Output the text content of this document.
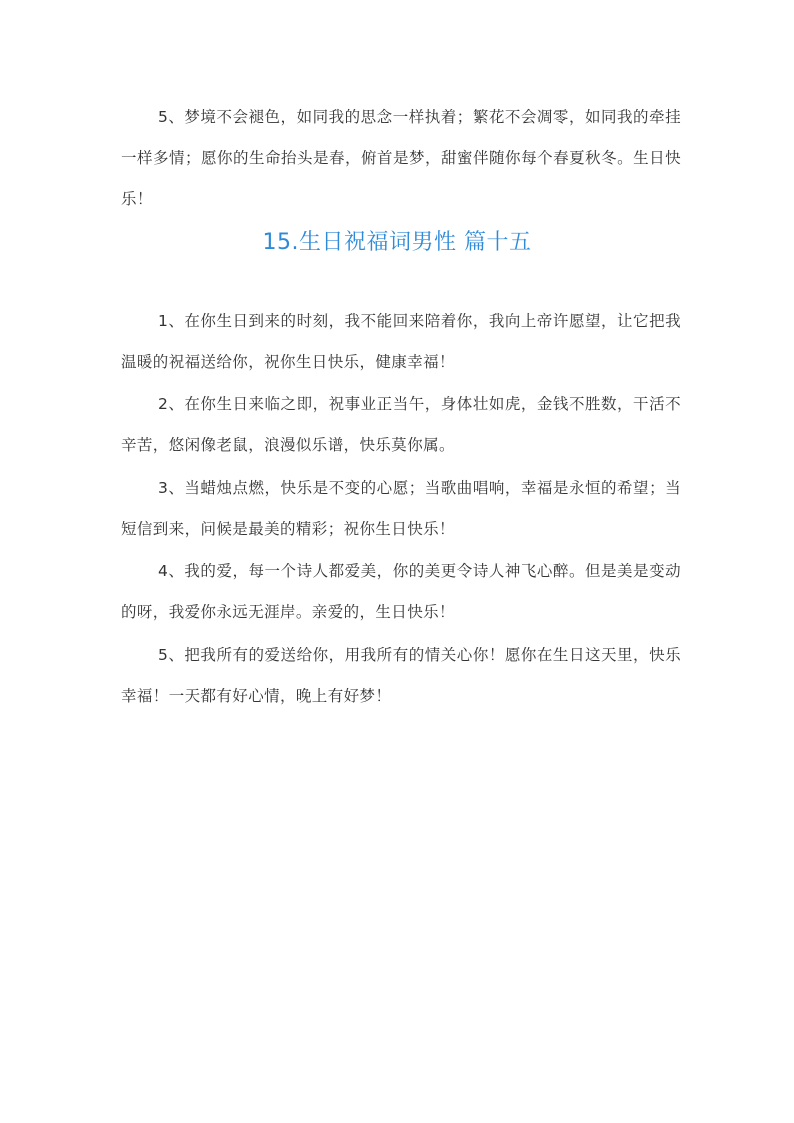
5、梦境不会褪色，如同我的思念一样执着；繁花不会凋零，如同我的牵挂一样多情；愿你的生命抬头是春，俯首是梦，甜蜜伴随你每个春夏秋冬。生日快乐！

15.生日祝福词男性 篇十五

1、在你生日到来的时刻，我不能回来陪着你，我向上帝许愿望，让它把我温暖的祝福送给你，祝你生日快乐，健康幸福！

2、在你生日来临之即，祝事业正当午，身体壮如虎，金钱不胜数，干活不辛苦，悠闲像老鼠，浪漫似乐谱，快乐莫你属。

3、当蜡烛点燃，快乐是不变的心愿；当歌曲唱响，幸福是永恒的希望；当短信到来，问候是最美的精彩；祝你生日快乐！

4、我的爱，每一个诗人都爱美，你的美更令诗人神飞心醉。但是美是变动的呀，我爱你永远无涯岸。亲爱的，生日快乐！

5、把我所有的爱送给你，用我所有的情关心你！愿你在生日这天里，快乐幸福！一天都有好心情，晚上有好梦！
